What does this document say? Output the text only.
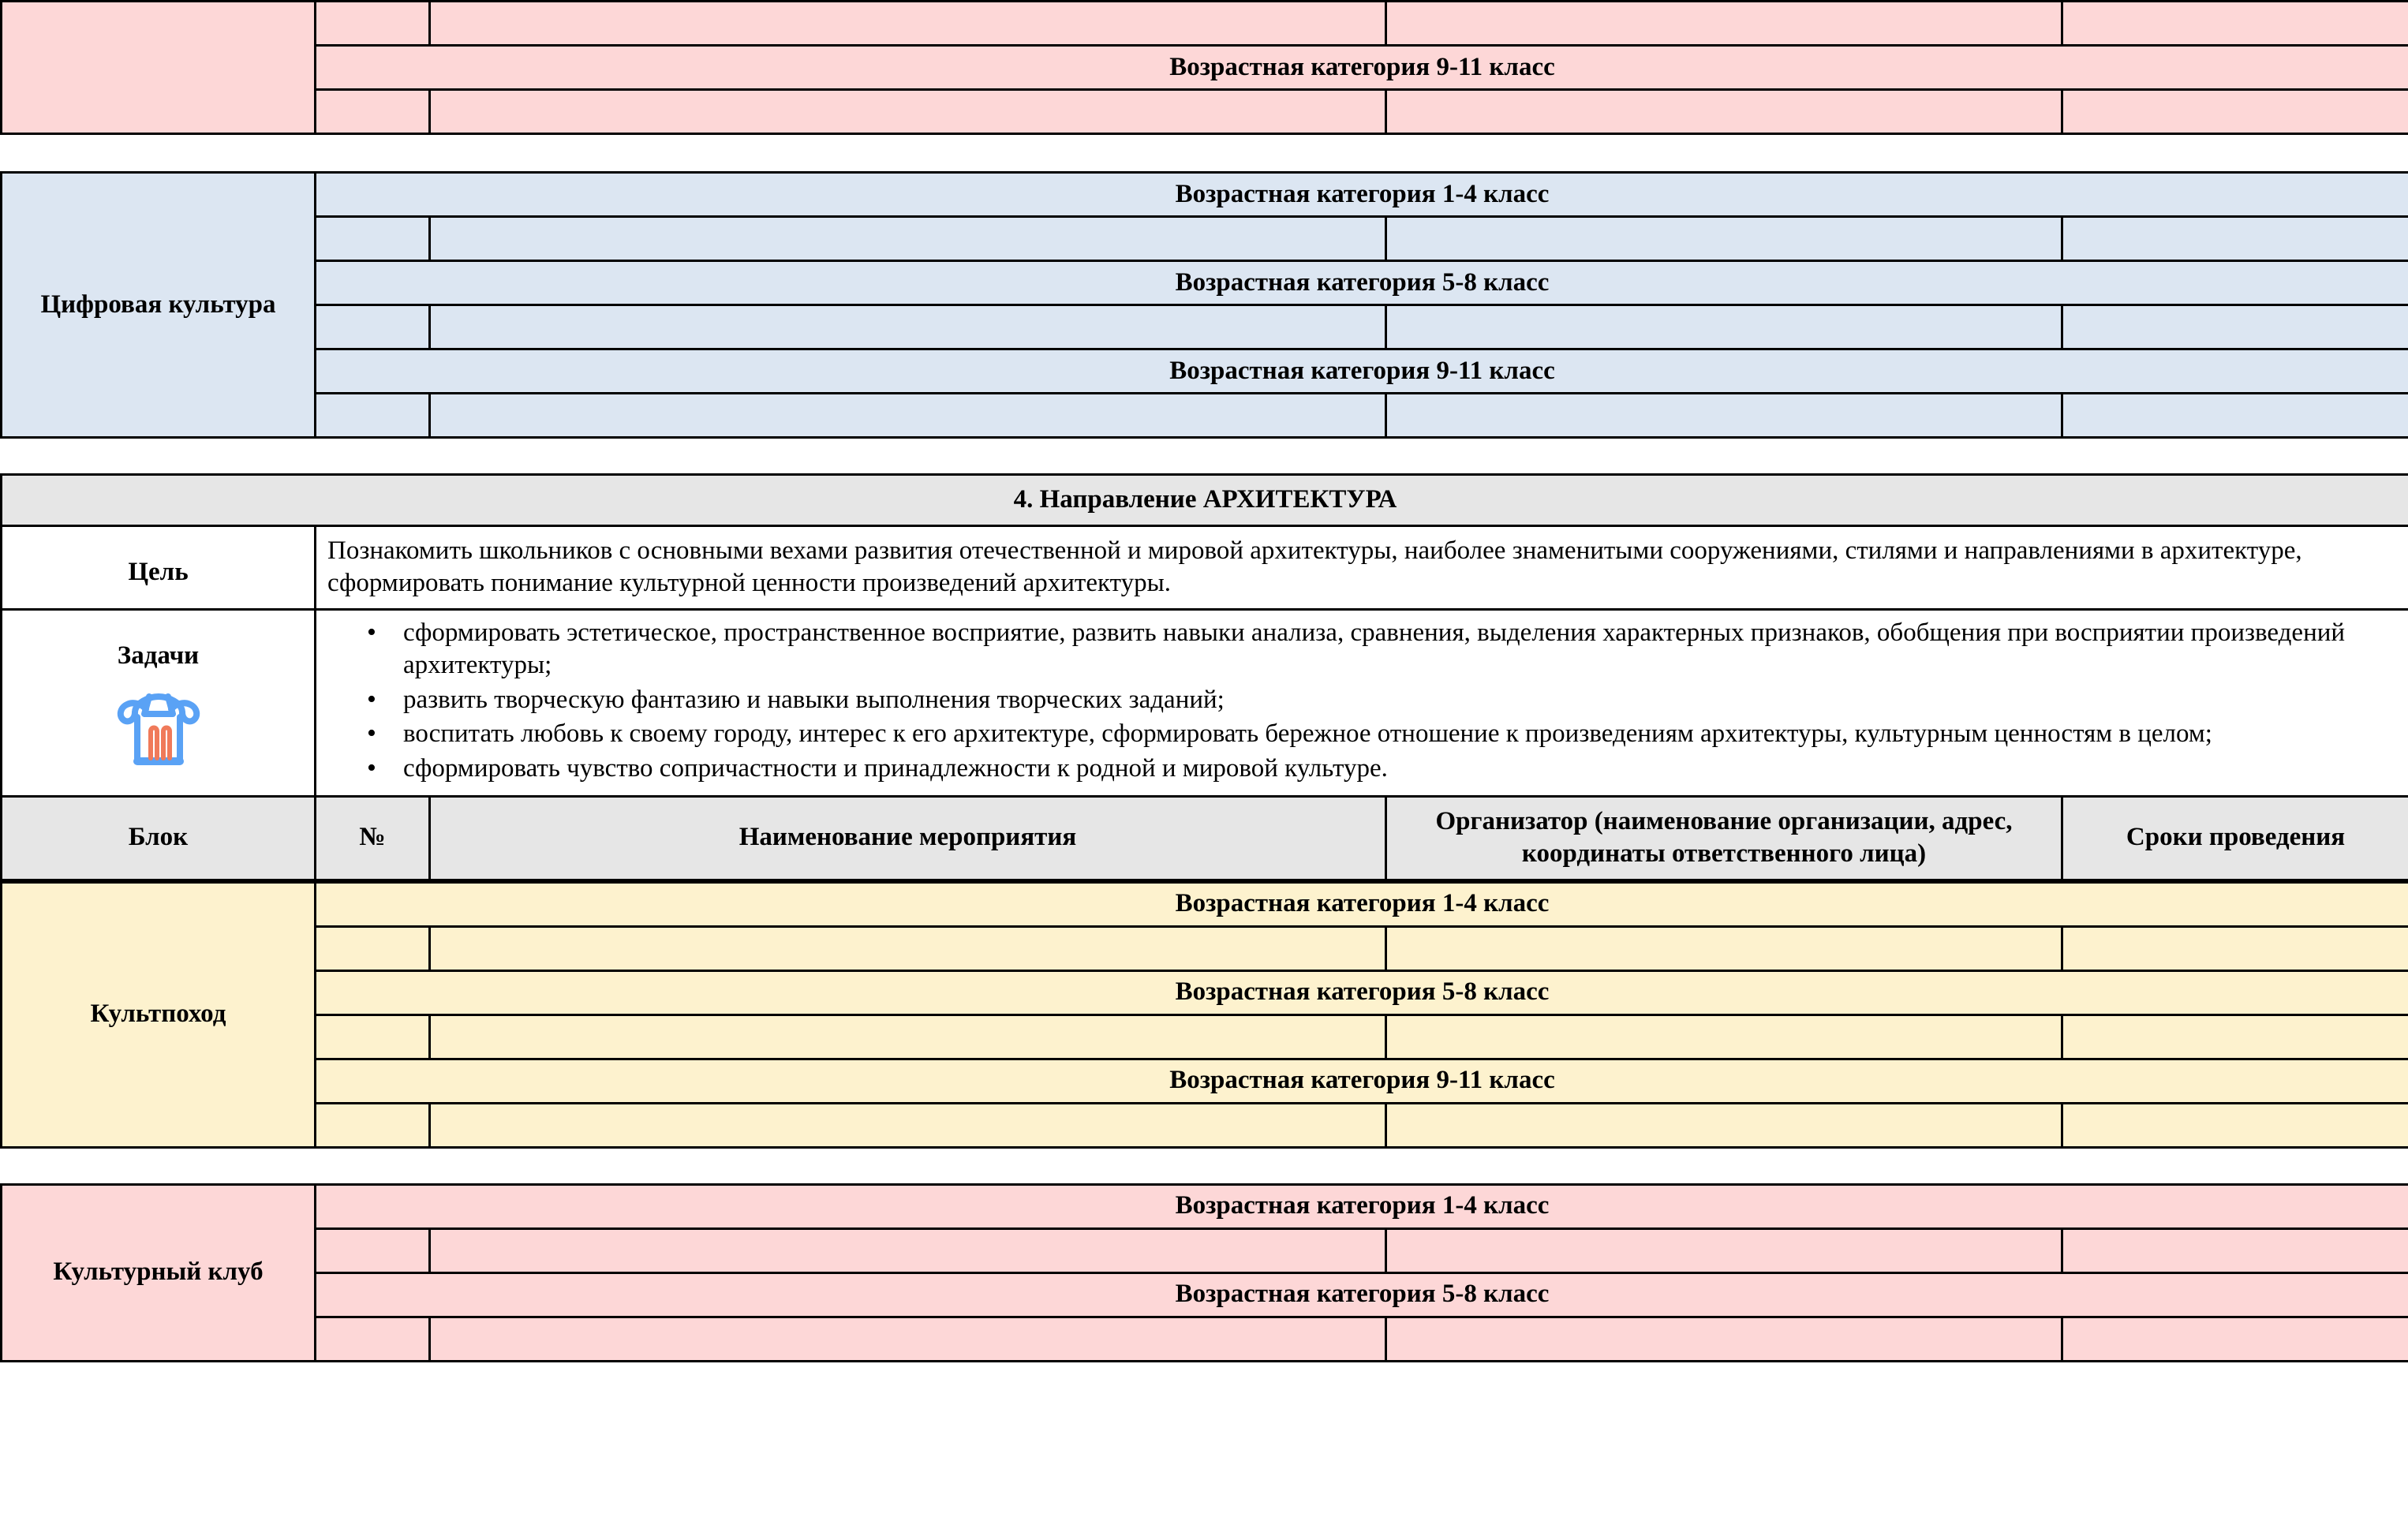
	Возрастная категория 9-11 класс			

Цифровая культура	Возрастная категория 1-4 класс			

	Возрастная категория 5-8 класс			

	Возрастная категория 9-11 класс			

4. Направление АРХИТЕКТУРА				
Цель	Познакомить школьников с основными вехами развития отечественной и мировой архитектуры, наиболее знаменитыми сооружениями, стилями и направлениями в архитектуре, сформировать понимание культурной ценности произведений архитектуры.			
Задачи

• сформировать эстетическое, пространственное восприятие, развить навыки анализа, сравнения, выделения характерных признаков, обобщения при восприятии произведений архитектуры;
• развить творческую фантазию и навыки выполнения творческих заданий;
• воспитать любовь к своему городу, интерес к его архитектуре, сформировать бережное отношение к произведениям архитектуры, культурным ценностям в целом;
• сформировать чувство сопричастности и принадлежности к родной и мировой культуре.

Блок	№	Наименование мероприятия	Организатор (наименование организации, адрес, координаты ответственного лица)	Сроки проведения
Культпоход	Возрастная категория 1-4 класс			

	Возрастная категория 5-8 класс			

	Возрастная категория 9-11 класс			

Культурный клуб	Возрастная категория 1-4 класс			

	Возрастная категория 5-8 класс			
